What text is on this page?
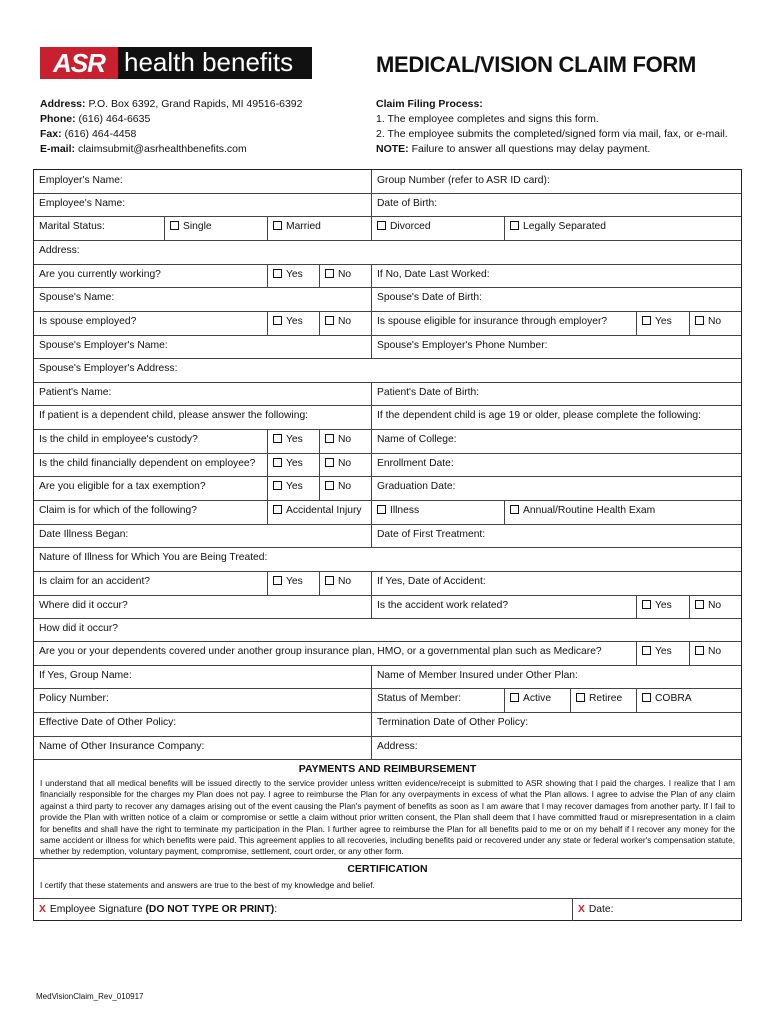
ASR health benefits	MEDICAL/VISION CLAIM FORM
Address: P.O. Box 6392, Grand Rapids, MI 49516-6392
Phone: (616) 464-6635
Fax: (616) 464-4458
E-mail: claimsubmit@asrhealthbenefits.com
Claim Filing Process:
1. The employee completes and signs this form.
2. The employee submits the completed/signed form via mail, fax, or e-mail.
NOTE: Failure to answer all questions may delay payment.
Employer's Name:	Group Number (refer to ASR ID card):
Employee's Name:	Date of Birth:
Marital Status:	Single	Married	Divorced	Legally Separated
Address:
Are you currently working?	Yes	No	If No, Date Last Worked:
Spouse's Name:	Spouse's Date of Birth:
Is spouse employed?	Yes	No	Is spouse eligible for insurance through employer?	Yes	No
Spouse's Employer's Name:	Spouse's Employer's Phone Number:
Spouse's Employer's Address:
Patient's Name:	Patient's Date of Birth:
If patient is a dependent child, please answer the following:	If the dependent child is age 19 or older, please complete the following:
Is the child in employee's custody?	Yes	No	Name of College:
Is the child financially dependent on employee?	Yes	No	Enrollment Date:
Are you eligible for a tax exemption?	Yes	No	Graduation Date:
Claim is for which of the following?	Accidental Injury	Illness	Annual/Routine Health Exam
Date Illness Began:	Date of First Treatment:
Nature of Illness for Which You are Being Treated:
Is claim for an accident?	Yes	No	If Yes, Date of Accident:
Where did it occur?	Is the accident work related?	Yes	No
How did it occur?
Are you or your dependents covered under another group insurance plan, HMO, or a governmental plan such as Medicare?	Yes	No
If Yes, Group Name:	Name of Member Insured under Other Plan:
Policy Number:	Status of Member:	Active	Retiree	COBRA
Effective Date of Other Policy:	Termination Date of Other Policy:
Name of Other Insurance Company:	Address:
PAYMENTS AND REIMBURSEMENT
I understand that all medical benefits will be issued directly to the service provider unless written evidence/receipt is submitted to ASR showing that I paid the charges. I realize that I am financially responsible for the charges my Plan does not pay. I agree to reimburse the Plan for any overpayments in excess of what the Plan allows. I agree to advise the Plan of any claim against a third party to recover any damages arising out of the event causing the Plan's payment of benefits as soon as I am aware that I may recover damages from another party. If I fail to provide the Plan with written notice of a claim or compromise or settle a claim without prior written consent, the Plan shall deem that I have committed fraud or misrepresentation in a claim for benefits and shall have the right to terminate my participation in the Plan. I further agree to reimburse the Plan for all benefits paid to me or on my behalf if I recover any money for the same accident or illness for which benefits were paid. This agreement applies to all recoveries, including benefits paid or recovered under any state or federal worker's compensation statute, whether by redemption, voluntary payment, compromise, settlement, court order, or any other form.
CERTIFICATION
I certify that these statements and answers are true to the best of my knowledge and belief.
X Employee Signature (DO NOT TYPE OR PRINT):	X Date:
MedVisionClaim_Rev_010917
